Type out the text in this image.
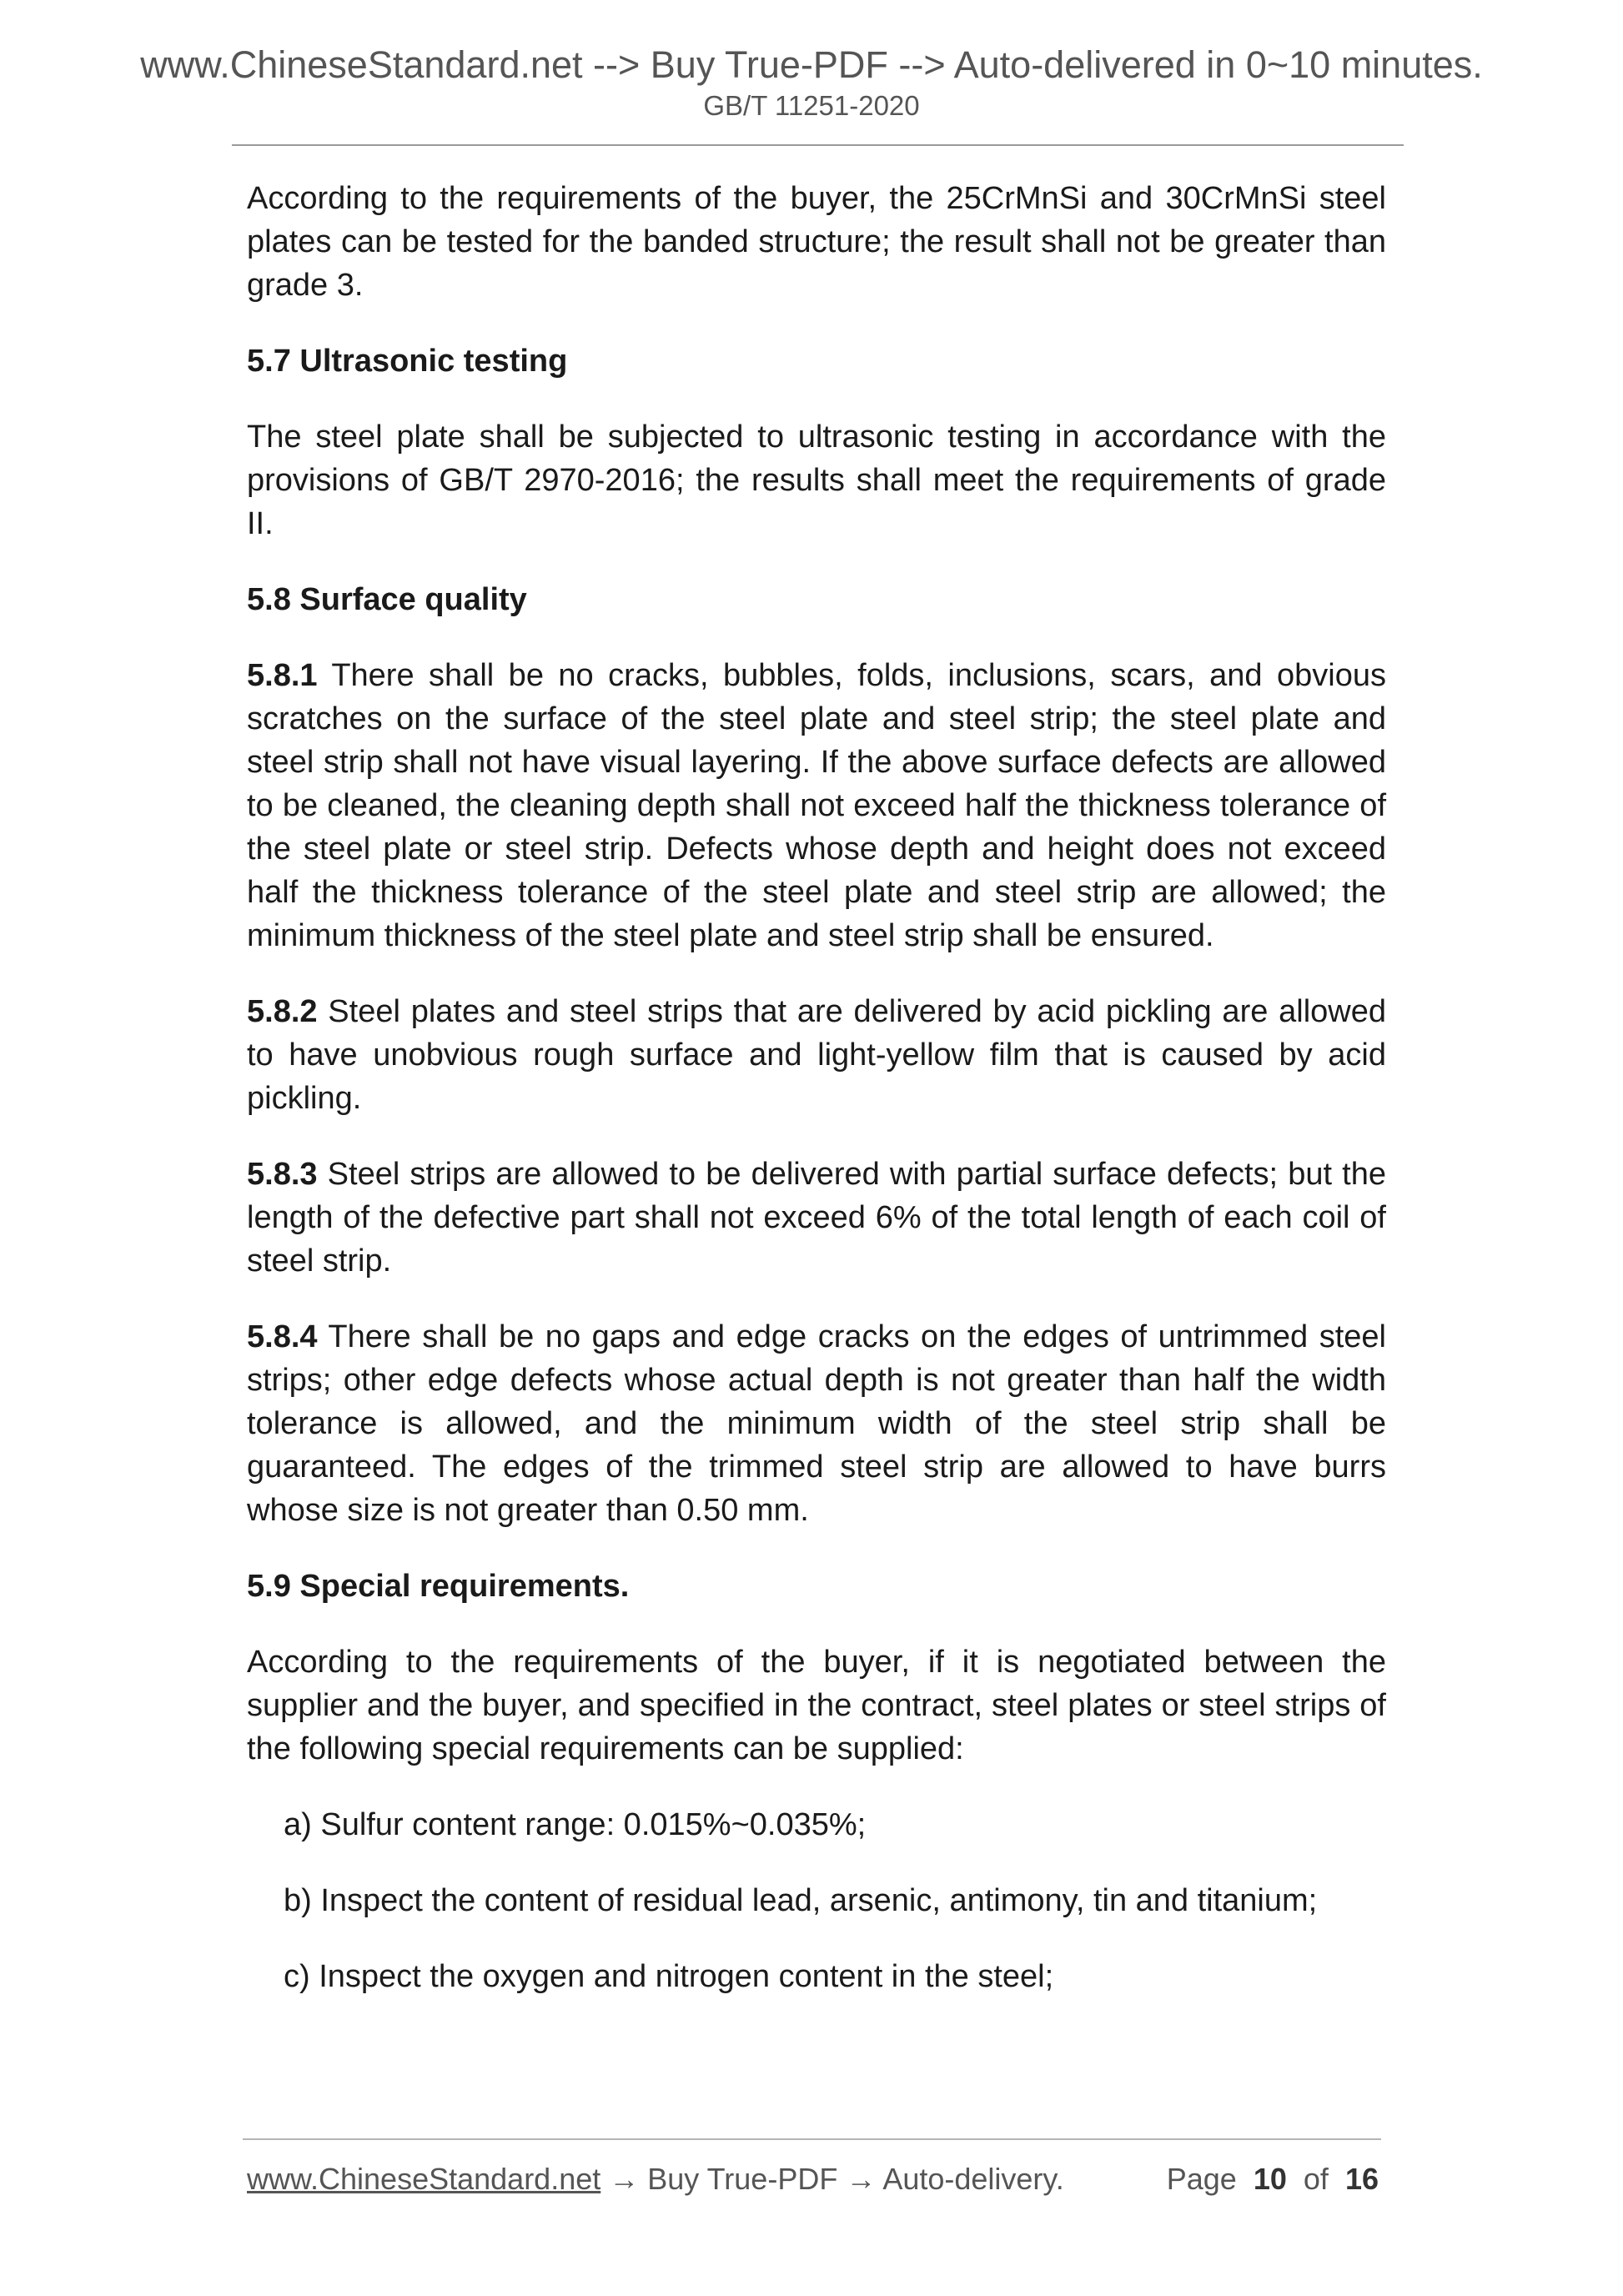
www.ChineseStandard.net --> Buy True-PDF --> Auto-delivered in 0~10 minutes.
GB/T 11251-2020

According to the requirements of the buyer, the 25CrMnSi and 30CrMnSi steel plates can be tested for the banded structure; the result shall not be greater than grade 3.

5.7 Ultrasonic testing

The steel plate shall be subjected to ultrasonic testing in accordance with the provisions of GB/T 2970-2016; the results shall meet the requirements of grade II.

5.8 Surface quality

5.8.1 There shall be no cracks, bubbles, folds, inclusions, scars, and obvious scratches on the surface of the steel plate and steel strip; the steel plate and steel strip shall not have visual layering. If the above surface defects are allowed to be cleaned, the cleaning depth shall not exceed half the thickness tolerance of the steel plate or steel strip. Defects whose depth and height does not exceed half the thickness tolerance of the steel plate and steel strip are allowed; the minimum thickness of the steel plate and steel strip shall be ensured.

5.8.2 Steel plates and steel strips that are delivered by acid pickling are allowed to have unobvious rough surface and light-yellow film that is caused by acid pickling.

5.8.3 Steel strips are allowed to be delivered with partial surface defects; but the length of the defective part shall not exceed 6% of the total length of each coil of steel strip.

5.8.4 There shall be no gaps and edge cracks on the edges of untrimmed steel strips; other edge defects whose actual depth is not greater than half the width tolerance is allowed, and the minimum width of the steel strip shall be guaranteed. The edges of the trimmed steel strip are allowed to have burrs whose size is not greater than 0.50 mm.

5.9 Special requirements.

According to the requirements of the buyer, if it is negotiated between the supplier and the buyer, and specified in the contract, steel plates or steel strips of the following special requirements can be supplied:

a) Sulfur content range: 0.015%~0.035%;

b) Inspect the content of residual lead, arsenic, antimony, tin and titanium;

c) Inspect the oxygen and nitrogen content in the steel;

www.ChineseStandard.net → Buy True-PDF → Auto-delivery.	Page 10 of 16
